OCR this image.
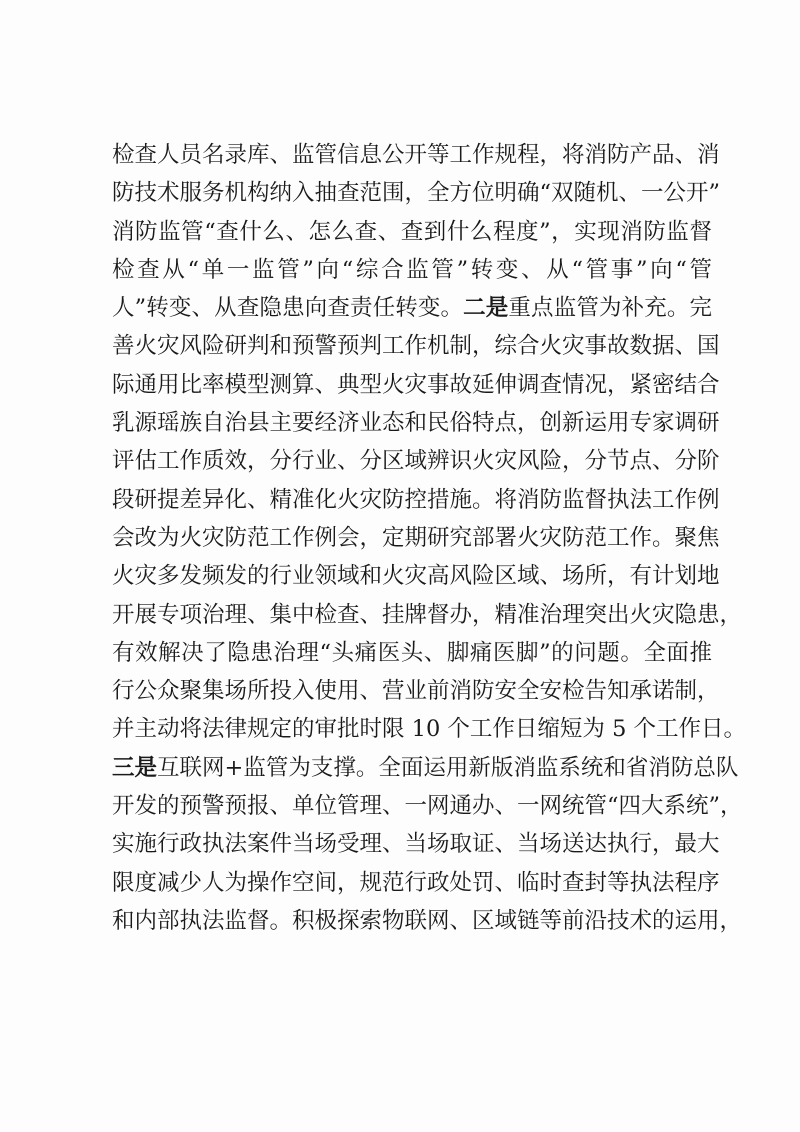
检查人员名录库、监管信息公开等工作规程，将消防产品、消
防技术服务机构纳入抽查范围，全方位明确“双随机、一公开”
消防监管“查什么、怎么查、查到什么程度”，实现消防监督
检查从“单一监管”向“综合监管”转变、从“管事”向“管
人”转变、从查隐患向查责任转变。二是重点监管为补充。完
善火灾风险研判和预警预判工作机制，综合火灾事故数据、国
际通用比率模型测算、典型火灾事故延伸调查情况，紧密结合
乳源瑶族自治县主要经济业态和民俗特点，创新运用专家调研
评估工作质效，分行业、分区域辨识火灾风险，分节点、分阶
段研提差异化、精准化火灾防控措施。将消防监督执法工作例
会改为火灾防范工作例会，定期研究部署火灾防范工作。聚焦
火灾多发频发的行业领域和火灾高风险区域、场所，有计划地
开展专项治理、集中检查、挂牌督办，精准治理突出火灾隐患，
有效解决了隐患治理“头痛医头、脚痛医脚”的问题。全面推
行公众聚集场所投入使用、营业前消防安全安检告知承诺制，
并主动将法律规定的审批时限 10 个工作日缩短为 5 个工作日。
三是互联网+监管为支撑。全面运用新版消监系统和省消防总队
开发的预警预报、单位管理、一网通办、一网统管“四大系统”，
实施行政执法案件当场受理、当场取证、当场送达执行，最大
限度减少人为操作空间，规范行政处罚、临时查封等执法程序
和内部执法监督。积极探索物联网、区域链等前沿技术的运用，
